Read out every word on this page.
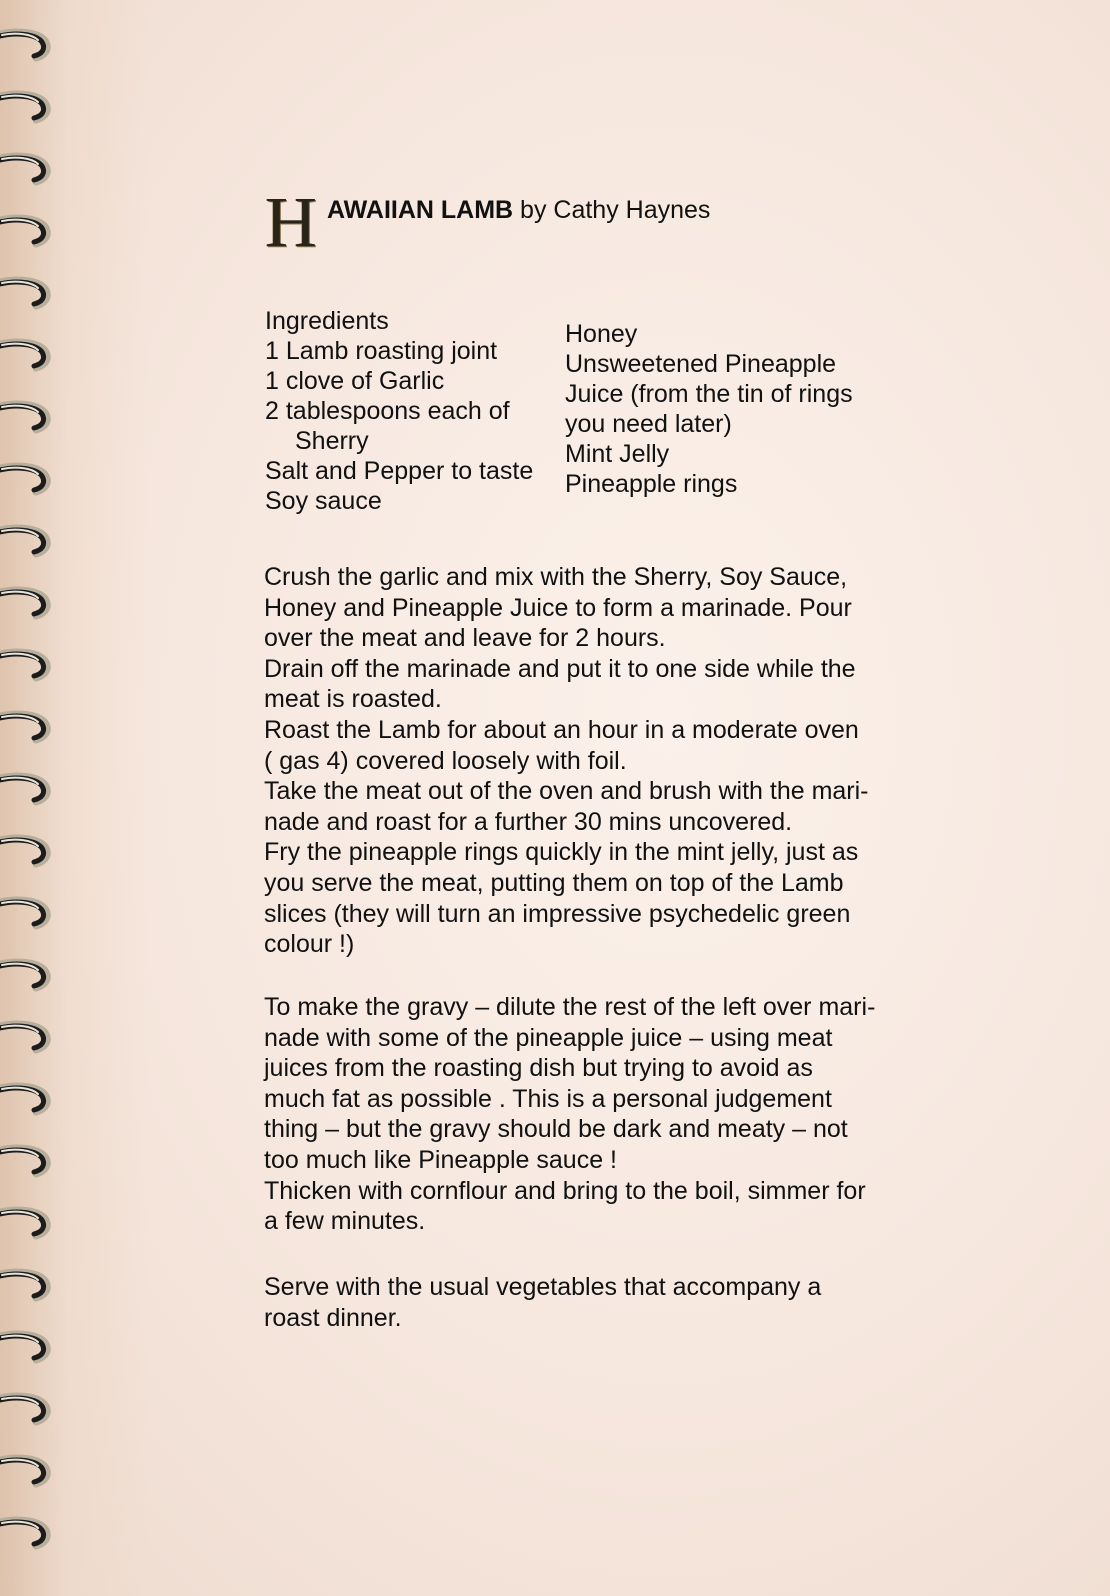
H AWAIIAN LAMB by Cathy Haynes
Ingredients
1 Lamb roasting joint
1 clove of Garlic
2 tablespoons each of
Sherry
Salt and Pepper to taste
Soy sauce
Honey
Unsweetened Pineapple
Juice (from the tin of rings
you need later)
Mint Jelly
Pineapple rings
Crush the garlic and mix with the Sherry, Soy Sauce,
Honey and Pineapple Juice to form a marinade. Pour
over the meat and leave for 2 hours.
Drain off the marinade and put it to one side while the
meat is roasted.
Roast the Lamb for about an hour in a moderate oven
( gas 4) covered loosely with foil.
Take the meat out of the oven and brush with the mari-
nade and roast for a further 30 mins uncovered.
Fry the pineapple rings quickly in the mint jelly, just as
you serve the meat, putting them on top of the Lamb
slices (they will turn an impressive psychedelic green
colour !)
To make the gravy – dilute the rest of the left over mari-
nade with some of the pineapple juice – using meat
juices from the roasting dish but trying to avoid as
much fat as possible . This is a personal judgement
thing – but the gravy should be dark and meaty – not
too much like Pineapple sauce !
Thicken with cornflour and bring to the boil, simmer for
a few minutes.
Serve with the usual vegetables that accompany a
roast dinner.
